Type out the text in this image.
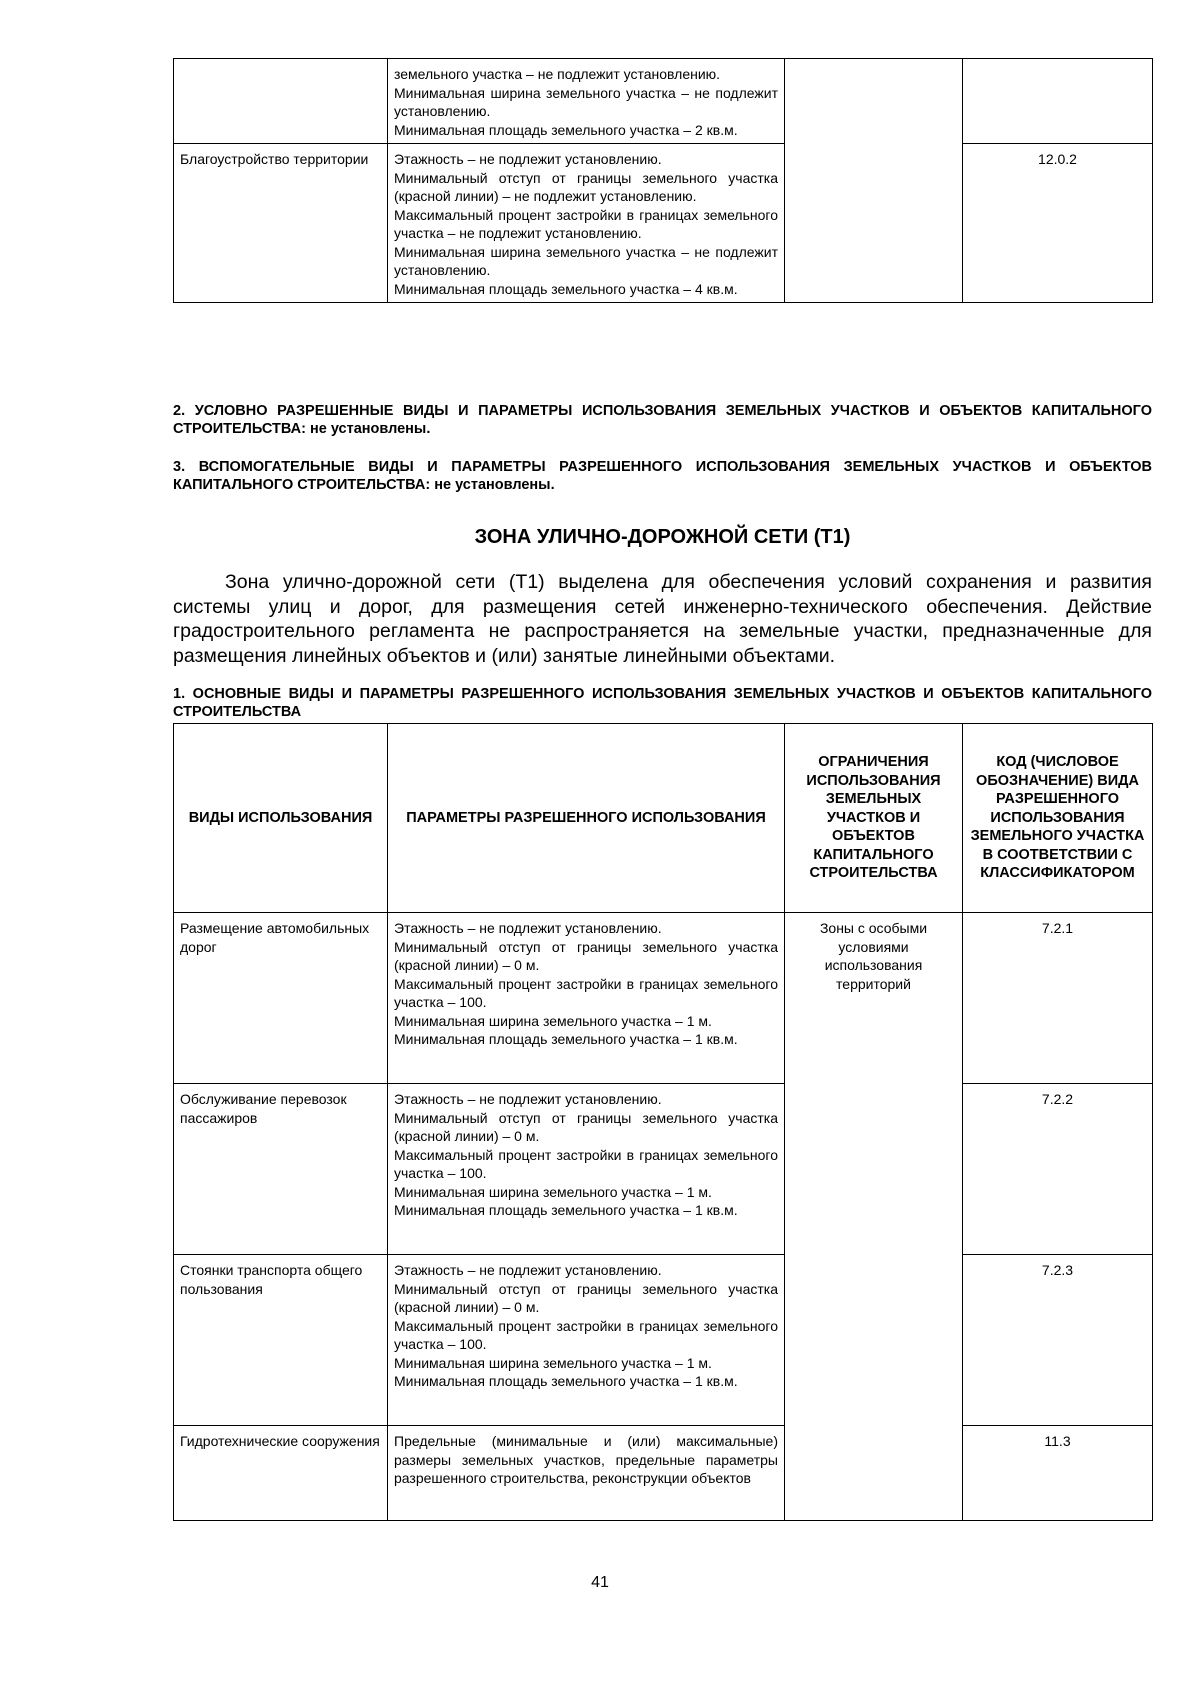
	земельного участка – не подлежит установлению.
Минимальная ширина земельного участка – не подлежит установлению.
Минимальная площадь земельного участка – 2 кв.м.		

Благоустройство территории	Этажность – не подлежит установлению.
Минимальный отступ от границы земельного участка (красной линии) – не подлежит установлению.
Максимальный процент застройки в границах земельного участка – не подлежит установлению.
Минимальная ширина земельного участка – не подлежит установлению.
Минимальная площадь земельного участка – 4 кв.м.		12.0.2
2. УСЛОВНО РАЗРЕШЕННЫЕ ВИДЫ И ПАРАМЕТРЫ ИСПОЛЬЗОВАНИЯ ЗЕМЕЛЬНЫХ УЧАСТКОВ И ОБЪЕКТОВ КАПИТАЛЬНОГО СТРОИТЕЛЬСТВА: не установлены.
3. ВСПОМОГАТЕЛЬНЫЕ ВИДЫ И ПАРАМЕТРЫ РАЗРЕШЕННОГО ИСПОЛЬЗОВАНИЯ ЗЕМЕЛЬНЫХ УЧАСТКОВ И ОБЪЕКТОВ КАПИТАЛЬНОГО СТРОИТЕЛЬСТВА: не установлены.
ЗОНА УЛИЧНО-ДОРОЖНОЙ СЕТИ (Т1)
Зона улично-дорожной сети (Т1) выделена для обеспечения условий сохранения и развития системы улиц и дорог, для размещения сетей инженерно-технического обеспечения. Действие градостроительного регламента не распространяется на земельные участки, предназначенные для размещения линейных объектов и (или) занятые линейными объектами.
1. ОСНОВНЫЕ ВИДЫ И ПАРАМЕТРЫ РАЗРЕШЕННОГО ИСПОЛЬЗОВАНИЯ ЗЕМЕЛЬНЫХ УЧАСТКОВ И ОБЪЕКТОВ КАПИТАЛЬНОГО СТРОИТЕЛЬСТВА
ВИДЫ ИСПОЛЬЗОВАНИЯ	ПАРАМЕТРЫ РАЗРЕШЕННОГО ИСПОЛЬЗОВАНИЯ	ОГРАНИЧЕНИЯ ИСПОЛЬЗОВАНИЯ ЗЕМЕЛЬНЫХ УЧАСТКОВ И ОБЪЕКТОВ КАПИТАЛЬНОГО СТРОИТЕЛЬСТВА	КОД (ЧИСЛОВОЕ ОБОЗНАЧЕНИЕ) ВИДА РАЗРЕШЕННОГО ИСПОЛЬЗОВАНИЯ ЗЕМЕЛЬНОГО УЧАСТКА В СООТВЕТСТВИИ С КЛАССИФИКАТОРОМ
Размещение автомобильных дорог	Этажность – не подлежит установлению.
Минимальный отступ от границы земельного участка (красной линии) – 0 м.
Максимальный процент застройки в границах земельного участка – 100.
Минимальная ширина земельного участка – 1 м.
Минимальная площадь земельного участка – 1 кв.м.	Зоны с особыми условиями использования территорий	7.2.1
Обслуживание перевозок пассажиров	Этажность – не подлежит установлению.
Минимальный отступ от границы земельного участка (красной линии) – 0 м.
Максимальный процент застройки в границах земельного участка – 100.
Минимальная ширина земельного участка – 1 м.
Минимальная площадь земельного участка – 1 кв.м.		7.2.2
Стоянки транспорта общего пользования	Этажность – не подлежит установлению.
Минимальный отступ от границы земельного участка (красной линии) – 0 м.
Максимальный процент застройки в границах земельного участка – 100.
Минимальная ширина земельного участка – 1 м.
Минимальная площадь земельного участка – 1 кв.м.		7.2.3
Гидротехнические сооружения	Предельные (минимальные и (или) максимальные) размеры земельных участков, предельные параметры разрешенного строительства, реконструкции объектов		11.3
41
